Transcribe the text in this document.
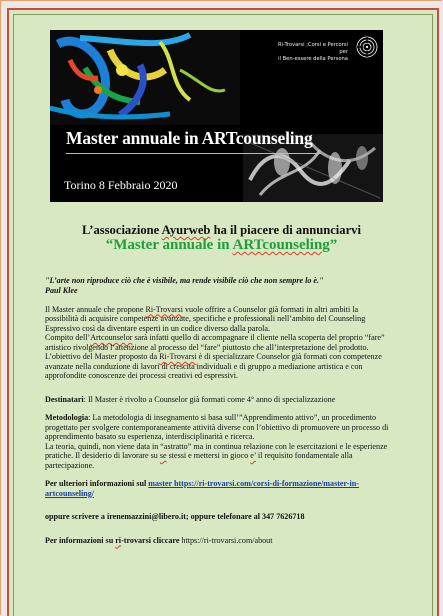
Ri-Trovarsi ;Corsi e Percorsi per
il Ben-essere della Persona
Master annuale in ARTcounseling
Torino 8 Febbraio 2020
L’associazione Ayurweb ha il piacere di annunciarvi
“Master annuale in ARTcounseling”

"L’arte non riproduce ciò che è visibile, ma rende visibile ciò che non sempre lo è."

Paul Klee

Il Master annuale che propone Ri-Trovarsi vuole offrire a Counselor già formati in altri ambiti la possibilità di acquisire competenze avanzate, specifiche e professionali nell’ambito del Counseling Espressivo così da diventare esperti in un codice diverso dalla parola.

Compito dell’Artcounselor sarà infatti quello di accompagnare il cliente nella scoperta del proprio “fare” artistico rivolgendo l’attenzione al processo del “fare” piuttosto che all’interpretazione del prodotto.

L’obiettivo del Master proposto da Ri-Trovarsi è di specializzare Counselor già formati con competenze avanzate nella conduzione di lavori di crescita individuali e di gruppo a mediazione artistica e con approfondite conoscenze dei processi creativi ed espressivi.

Destinatari: Il Master è rivolto a Counselor già formati come 4° anno di specializzazione

Metodologia: La metodologia di insegnamento si basa sull’”Apprendimento attivo”, un procedimento progettato per svolgere contemporaneamente attività diverse con l’obiettivo di promuovere un processo di apprendimento basato su esperienza, interdisciplinarità e ricerca.

La teoria, quindi, non viene data in “astratto” ma in continua relazione con le esercitazioni e le esperienze pratiche. Il desiderio di lavorare su se stessi e mettersi in gioco e’ il requisito fondamentale alla partecipazione.

Per ulteriori informazioni sul master https://ri-trovarsi.com/corsi-di-formazione/master-in-artcounseling/

oppure scrivere a irenemazzini@libero.it; oppure telefonare al 347 7626718

Per informazioni su ri-trovarsi cliccare https://ri-trovarsi.com/about
